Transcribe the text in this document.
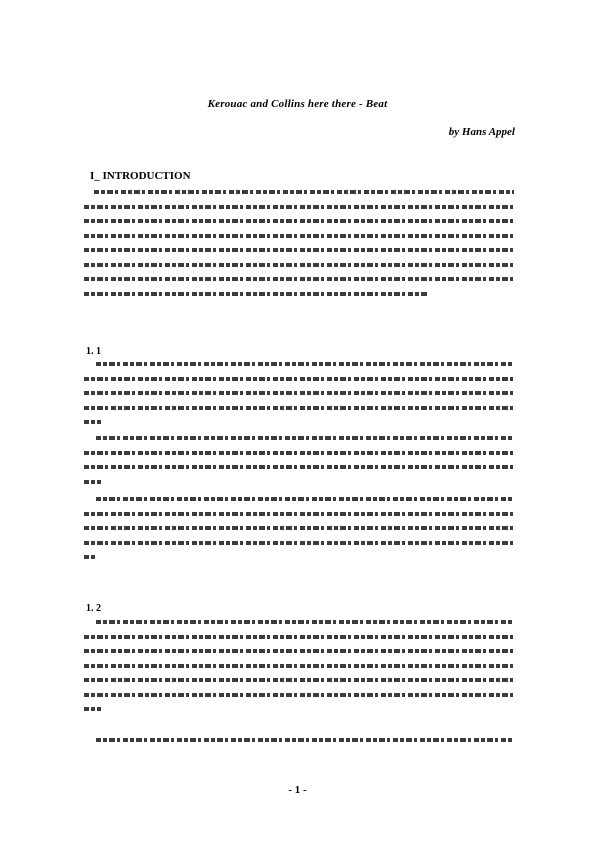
Kerouac and Collins here there - Beat
by Hans Appel
I_ INTRODUCTION
1. 1
1. 2
- 1 -
